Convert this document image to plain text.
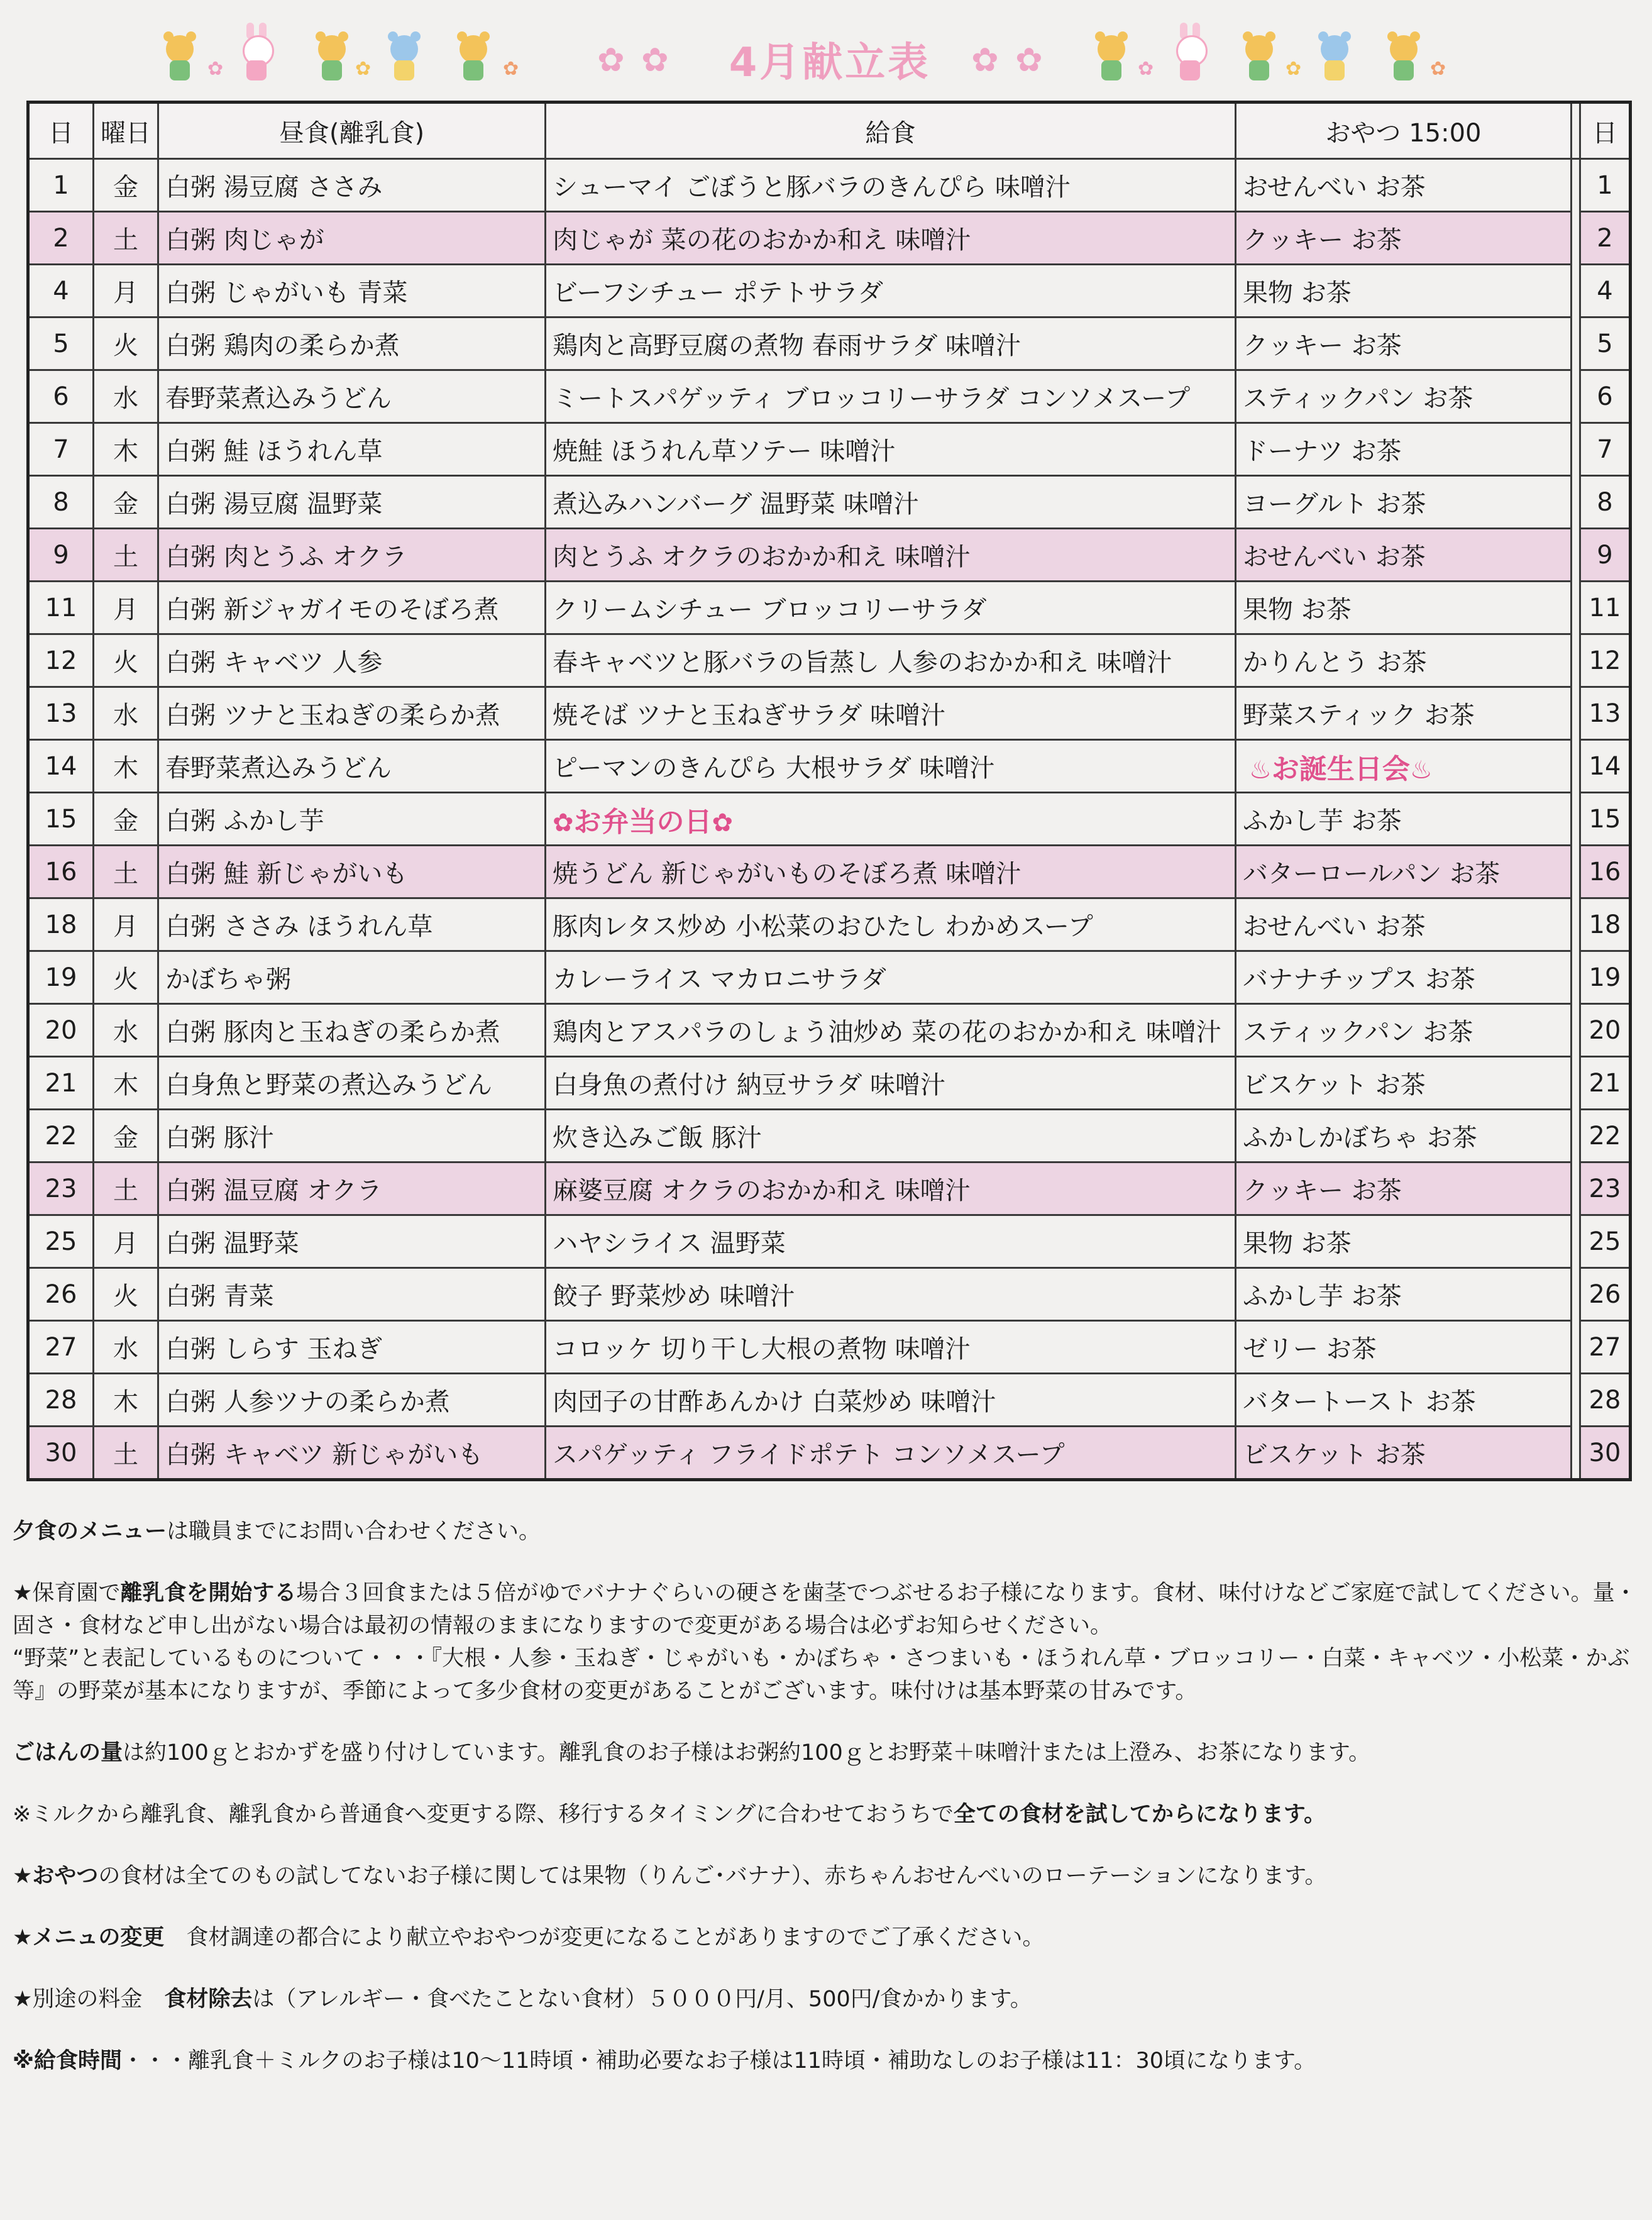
✿	✿	✿ ✿ ✿ 4月献立表 ✿ ✿	✿	✿	✿
日	曜日	昼食(離乳食)	給食	おやつ 15:00		日
1	金	白粥 湯豆腐 ささみ	シューマイ ごぼうと豚バラのきんぴら 味噌汁	おせんべい お茶		1
2	土	白粥 肉じゃが	肉じゃが 菜の花のおかか和え 味噌汁	クッキー お茶		2
4	月	白粥 じゃがいも 青菜	ビーフシチュー ポテトサラダ	果物 お茶		4
5	火	白粥 鶏肉の柔らか煮	鶏肉と高野豆腐の煮物 春雨サラダ 味噌汁	クッキー お茶		5
6	水	春野菜煮込みうどん	ミートスパゲッティ ブロッコリーサラダ コンソメスープ	スティックパン お茶		6
7	木	白粥 鮭 ほうれん草	焼鮭 ほうれん草ソテー 味噌汁	ドーナツ お茶		7
8	金	白粥 湯豆腐 温野菜	煮込みハンバーグ 温野菜 味噌汁	ヨーグルト お茶		8
9	土	白粥 肉とうふ オクラ	肉とうふ オクラのおかか和え 味噌汁	おせんべい お茶		9
11	月	白粥 新ジャガイモのそぼろ煮	クリームシチュー ブロッコリーサラダ	果物 お茶		11
12	火	白粥 キャベツ 人参	春キャベツと豚バラの旨蒸し 人参のおかか和え 味噌汁	かりんとう お茶		12
13	水	白粥 ツナと玉ねぎの柔らか煮	焼そば ツナと玉ねぎサラダ 味噌汁	野菜スティック お茶		13
14	木	春野菜煮込みうどん	ピーマンのきんぴら 大根サラダ 味噌汁	♨お誕生日会♨		14
15	金	白粥 ふかし芋	✿お弁当の日✿	ふかし芋 お茶		15
16	土	白粥 鮭 新じゃがいも	焼うどん 新じゃがいものそぼろ煮 味噌汁	バターロールパン お茶		16
18	月	白粥 ささみ ほうれん草	豚肉レタス炒め 小松菜のおひたし わかめスープ	おせんべい お茶		18
19	火	かぼちゃ粥	カレーライス マカロニサラダ	バナナチップス お茶		19
20	水	白粥 豚肉と玉ねぎの柔らか煮	鶏肉とアスパラのしょう油炒め 菜の花のおかか和え 味噌汁	スティックパン お茶		20
21	木	白身魚と野菜の煮込みうどん	白身魚の煮付け 納豆サラダ 味噌汁	ビスケット お茶		21
22	金	白粥 豚汁	炊き込みご飯 豚汁	ふかしかぼちゃ お茶		22
23	土	白粥 温豆腐 オクラ	麻婆豆腐 オクラのおかか和え 味噌汁	クッキー お茶		23
25	月	白粥 温野菜	ハヤシライス 温野菜	果物 お茶		25
26	火	白粥 青菜	餃子 野菜炒め 味噌汁	ふかし芋 お茶		26
27	水	白粥 しらす 玉ねぎ	コロッケ 切り干し大根の煮物 味噌汁	ゼリー お茶		27
28	木	白粥 人参ツナの柔らか煮	肉団子の甘酢あんかけ 白菜炒め 味噌汁	バタートースト お茶		28
30	土	白粥 キャベツ 新じゃがいも	スパゲッティ フライドポテト コンソメスープ	ビスケット お茶		30

夕食のメニューは職員までにお問い合わせください。

★保育園で離乳食を開始する場合３回食または５倍がゆでバナナぐらいの硬さを歯茎でつぶせるお子様になります。食材、味付けなどご家庭で試してください。量・固さ・食材など申し出がない場合は最初の情報のままになりますので変更がある場合は必ずお知らせください。

“野菜”と表記しているものについて・・・『大根・人参・玉ねぎ・じゃがいも・かぼちゃ・さつまいも・ほうれん草・ブロッコリー・白菜・キャベツ・小松菜・かぶ等』の野菜が基本になりますが、季節によって多少食材の変更があることがございます。味付けは基本野菜の甘みです。

ごはんの量は約100ｇとおかずを盛り付けしています。離乳食のお子様はお粥約100ｇとお野菜＋味噌汁または上澄み、お茶になります。

※ミルクから離乳食、離乳食から普通食へ変更する際、移行するタイミングに合わせておうちで全ての食材を試してからになります。

★おやつの食材は全てのもの試してないお子様に関しては果物（りんご･バナナ）、赤ちゃんおせんべいのローテーションになります。

★メニュの変更　食材調達の都合により献立やおやつが変更になることがありますのでご了承ください。

★別途の料金　食材除去は（アレルギー・食べたことない食材）５０００円/月、500円/食かかります。

※給食時間・・・離乳食＋ミルクのお子様は10～11時頃・補助必要なお子様は11時頃・補助なしのお子様は11：30頃になります。
